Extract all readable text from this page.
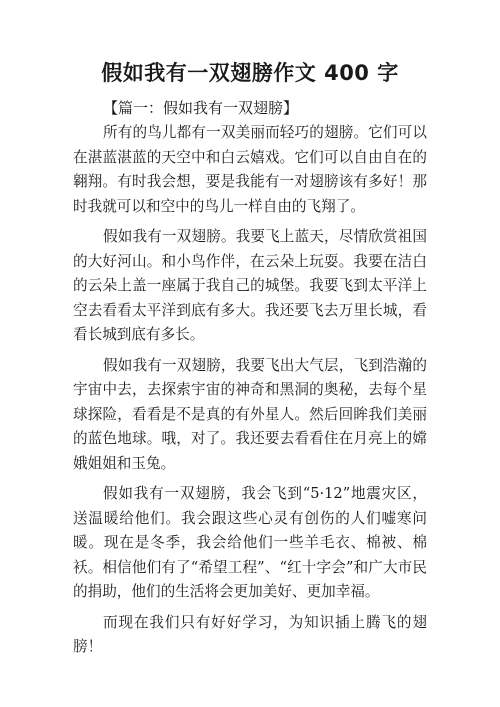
假如我有一双翅膀作文 400 字
【篇一：假如我有一双翅膀】

所有的鸟儿都有一双美丽而轻巧的翅膀。它们可以在湛蓝湛蓝的天空中和白云嬉戏。它们可以自由自在的翱翔。有时我会想，要是我能有一对翅膀该有多好！那时我就可以和空中的鸟儿一样自由的飞翔了。

假如我有一双翅膀。我要飞上蓝天，尽情欣赏祖国的大好河山。和小鸟作伴，在云朵上玩耍。我要在洁白的云朵上盖一座属于我自己的城堡。我要飞到太平洋上空去看看太平洋到底有多大。我还要飞去万里长城，看看长城到底有多长。

假如我有一双翅膀，我要飞出大气层，飞到浩瀚的宇宙中去，去探索宇宙的神奇和黑洞的奥秘，去每个星球探险，看看是不是真的有外星人。然后回眸我们美丽的蓝色地球。哦，对了。我还要去看看住在月亮上的嫦娥姐姐和玉兔。

假如我有一双翅膀，我会飞到“5·12”地震灾区，送温暖给他们。我会跟这些心灵有创伤的人们嘘寒问暖。现在是冬季，我会给他们一些羊毛衣、棉被、棉袄。相信他们有了“希望工程”、“红十字会”和广大市民的捐助，他们的生活将会更加美好、更加幸福。

而现在我们只有好好学习，为知识插上腾飞的翅膀！
